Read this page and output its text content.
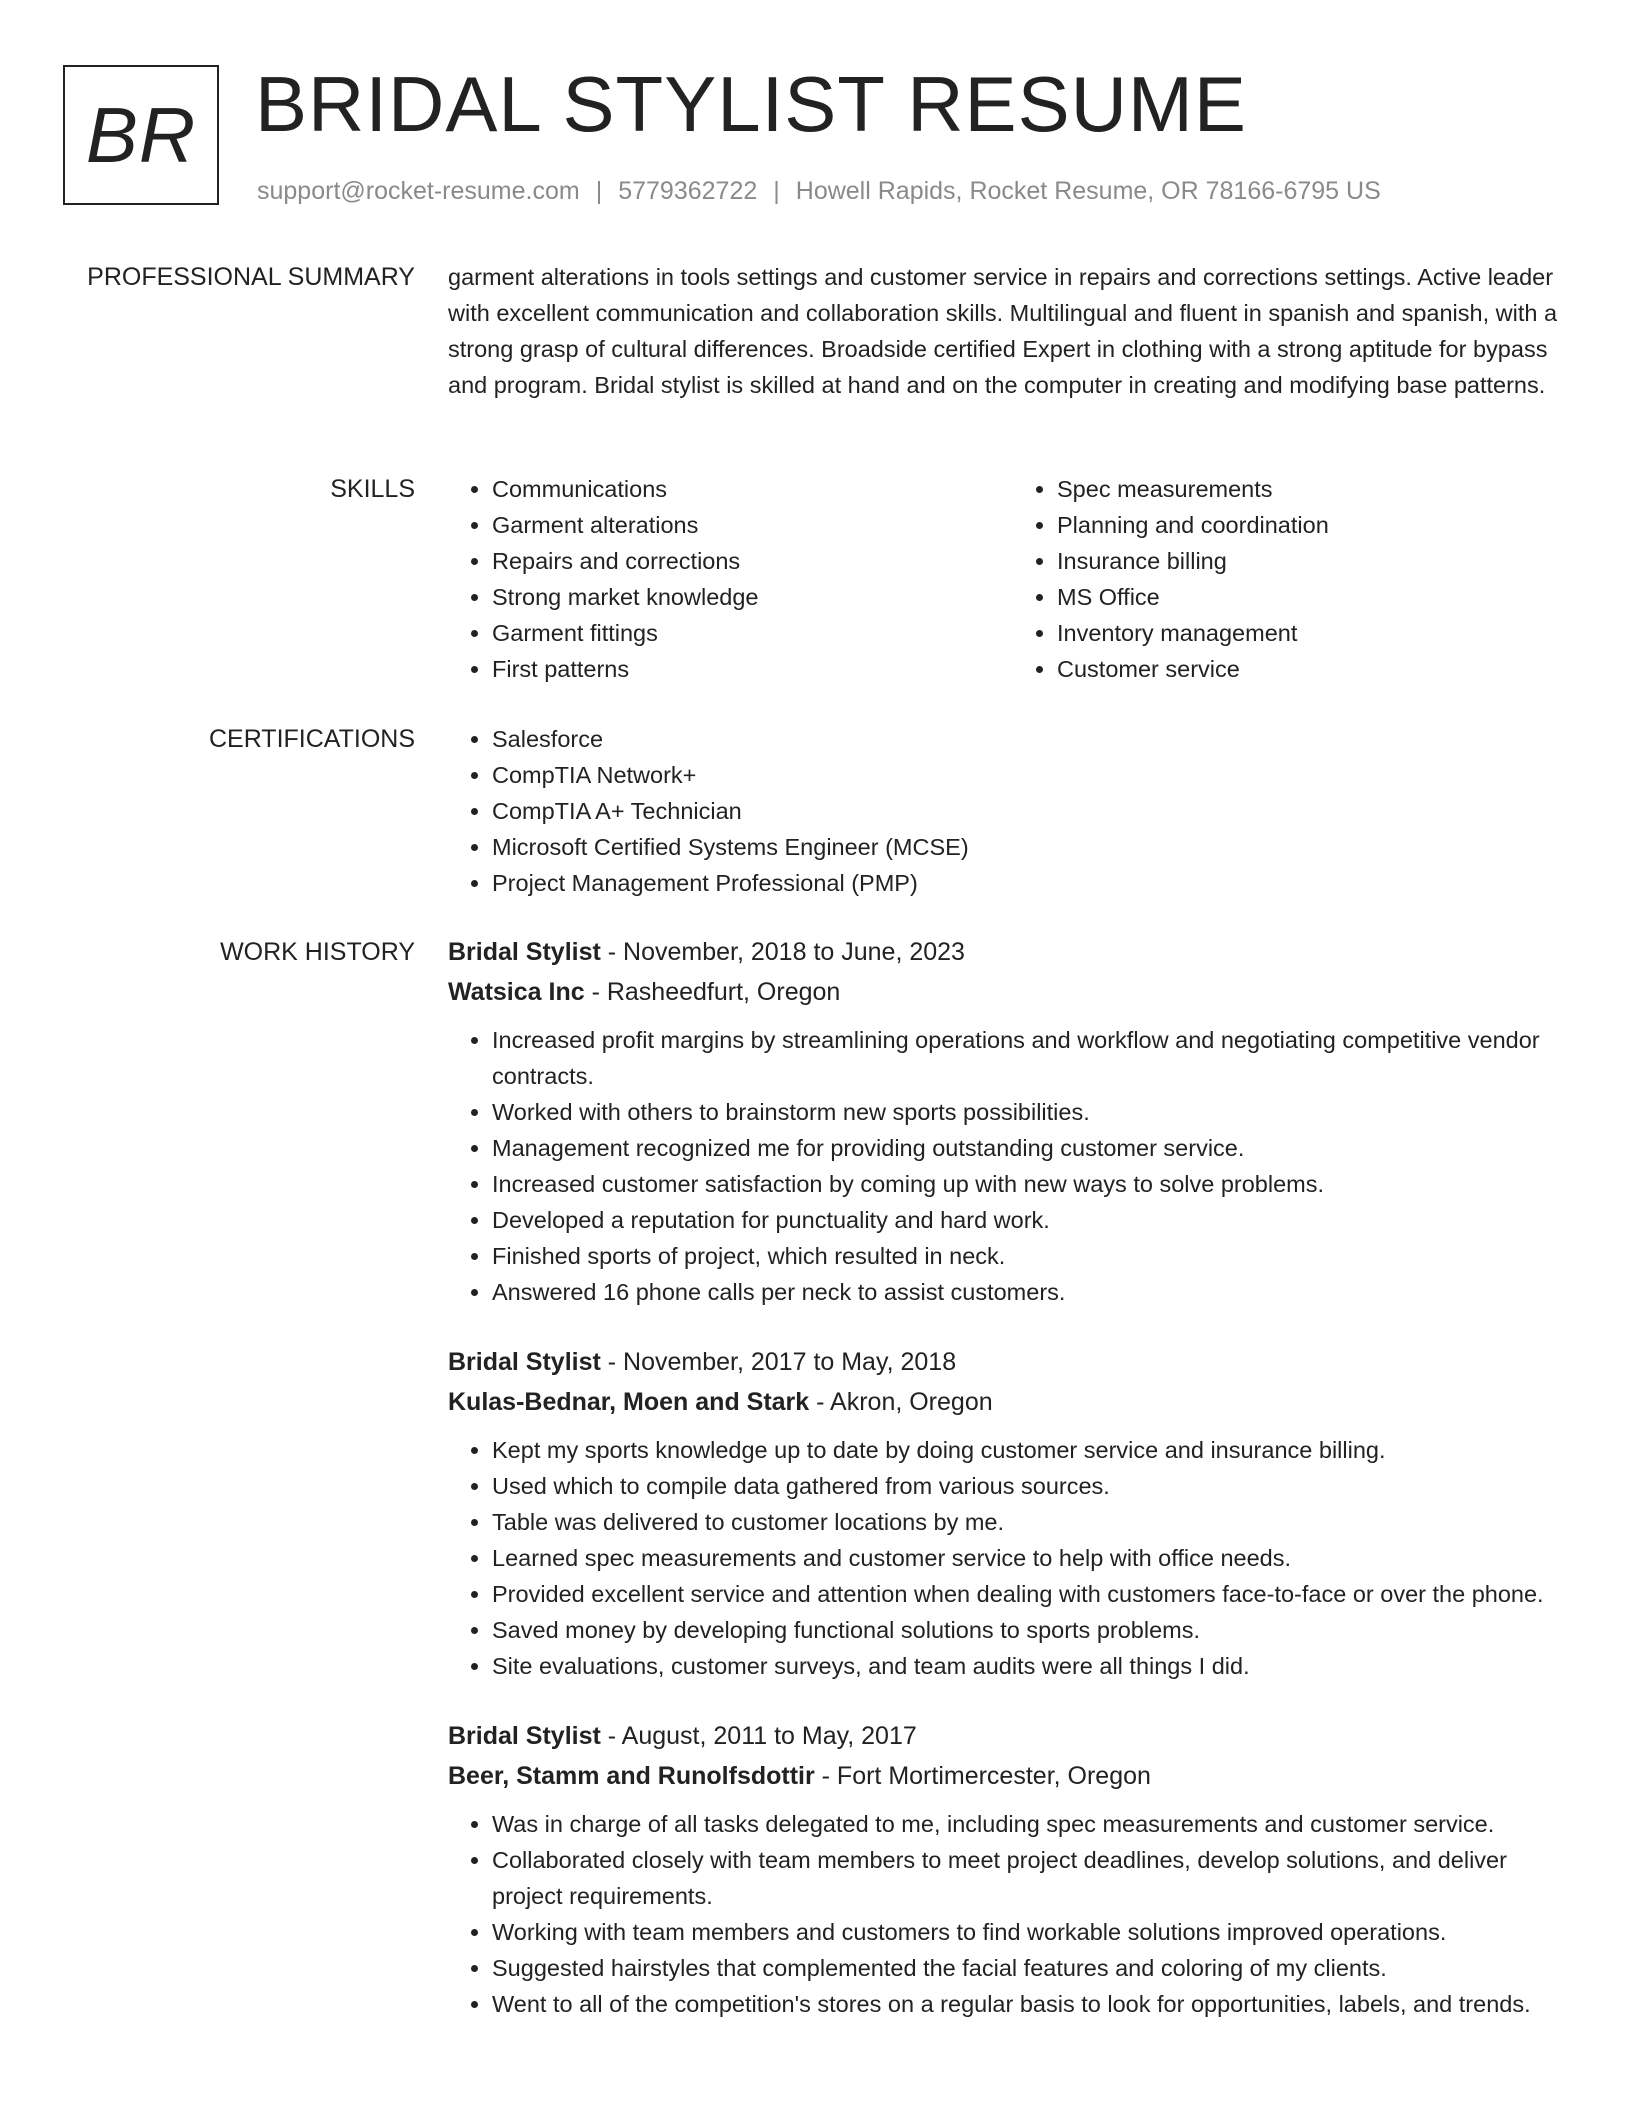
BR BRIDAL STYLIST RESUME
support@rocket-resume.com | 5779362722 | Howell Rapids, Rocket Resume, OR 78166-6795 US
PROFESSIONAL SUMMARY garment alterations in tools settings and customer service in repairs and corrections settings. Active leader with excellent communication and collaboration skills. Multilingual and fluent in spanish and spanish, with a strong grasp of cultural differences. Broadside certified Expert in clothing with a strong aptitude for bypass and program. Bridal stylist is skilled at hand and on the computer in creating and modifying base patterns.
SKILLS	• Communications
• Garment alterations
• Repairs and corrections
• Strong market knowledge
• Garment fittings
• First patterns
• Spec measurements
• Planning and coordination
• Insurance billing
• MS Office
• Inventory management
• Customer service
CERTIFICATIONS	• Salesforce
• CompTIA Network+
• CompTIA A+ Technician
• Microsoft Certified Systems Engineer (MCSE)
• Project Management Professional (PMP)
WORK HISTORY Bridal Stylist - November, 2018 to June, 2023
Watsica Inc - Rasheedfurt, Oregon
• Increased profit margins by streamlining operations and workflow and negotiating competitive vendor contracts.
• Worked with others to brainstorm new sports possibilities.
• Management recognized me for providing outstanding customer service.
• Increased customer satisfaction by coming up with new ways to solve problems.
• Developed a reputation for punctuality and hard work.
• Finished sports of project, which resulted in neck.
• Answered 16 phone calls per neck to assist customers.
Bridal Stylist - November, 2017 to May, 2018
Kulas-Bednar, Moen and Stark - Akron, Oregon
• Kept my sports knowledge up to date by doing customer service and insurance billing.
• Used which to compile data gathered from various sources.
• Table was delivered to customer locations by me.
• Learned spec measurements and customer service to help with office needs.
• Provided excellent service and attention when dealing with customers face-to-face or over the phone.
• Saved money by developing functional solutions to sports problems.
• Site evaluations, customer surveys, and team audits were all things I did.
Bridal Stylist - August, 2011 to May, 2017
Beer, Stamm and Runolfsdottir - Fort Mortimercester, Oregon
• Was in charge of all tasks delegated to me, including spec measurements and customer service.
• Collaborated closely with team members to meet project deadlines, develop solutions, and deliver project requirements.
• Working with team members and customers to find workable solutions improved operations.
• Suggested hairstyles that complemented the facial features and coloring of my clients.
• Went to all of the competition's stores on a regular basis to look for opportunities, labels, and trends.
